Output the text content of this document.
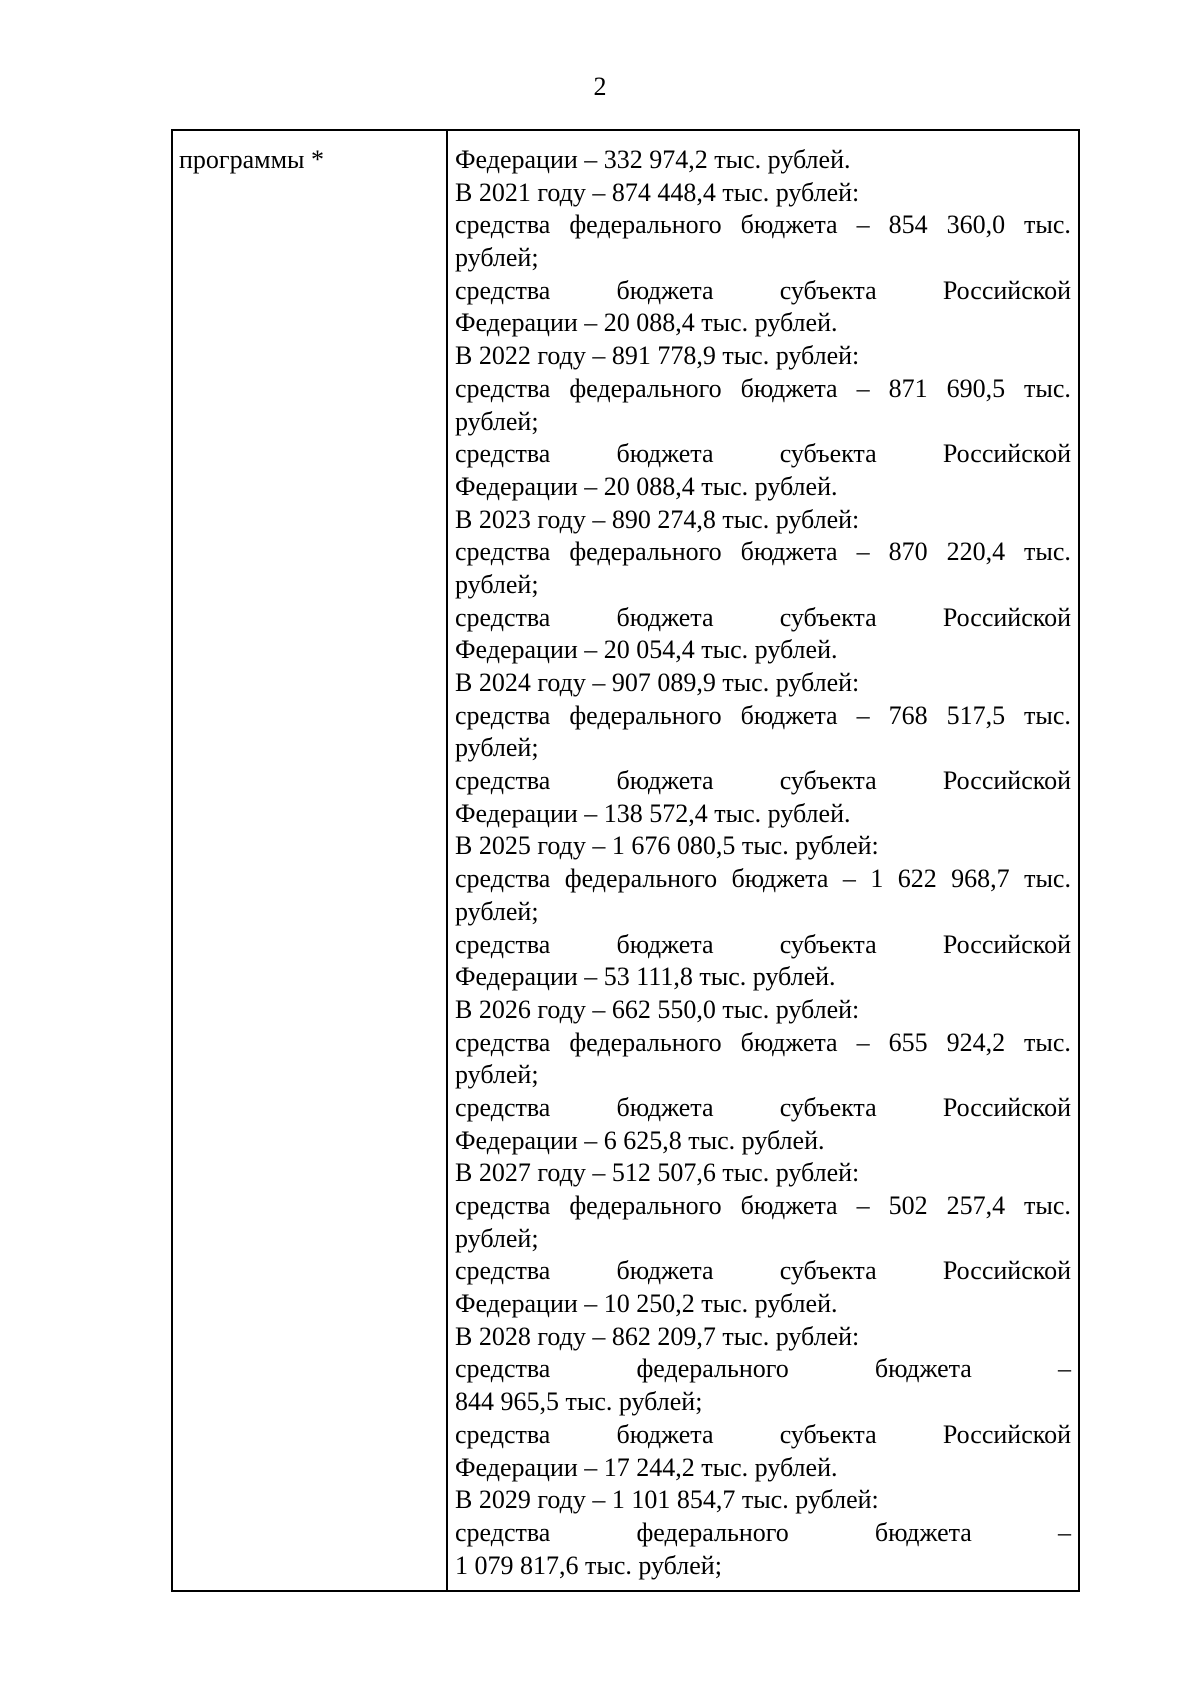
2
программы *	Федерации – 332 974,2 тыс. рублей.
В 2021 году – 874 448,4 тыс. рублей:
средства федерального бюджета – 854 360,0 тыс.
рублей;
средства	бюджета	субъекта	Российской
Федерации – 20 088,4 тыс. рублей.
В 2022 году – 891 778,9 тыс. рублей:
средства федерального бюджета – 871 690,5 тыс.
рублей;
средства	бюджета	субъекта	Российской
Федерации – 20 088,4 тыс. рублей.
В 2023 году – 890 274,8 тыс. рублей:
средства федерального бюджета – 870 220,4 тыс.
рублей;
средства	бюджета	субъекта	Российской
Федерации – 20 054,4 тыс. рублей.
В 2024 году – 907 089,9 тыс. рублей:
средства федерального бюджета – 768 517,5 тыс.
рублей;
средства	бюджета	субъекта	Российской
Федерации – 138 572,4 тыс. рублей.
В 2025 году – 1 676 080,5 тыс. рублей:
средства федерального бюджета – 1 622 968,7 тыс.
рублей;
средства	бюджета	субъекта	Российской
Федерации – 53 111,8 тыс. рублей.
В 2026 году – 662 550,0 тыс. рублей:
средства федерального бюджета – 655 924,2 тыс.
рублей;
средства	бюджета	субъекта	Российской
Федерации – 6 625,8 тыс. рублей.
В 2027 году – 512 507,6 тыс. рублей:
средства федерального бюджета – 502 257,4 тыс.
рублей;
средства	бюджета	субъекта	Российской
Федерации – 10 250,2 тыс. рублей.
В 2028 году – 862 209,7 тыс. рублей:
средства	федерального	бюджета	–
844 965,5 тыс. рублей;
средства	бюджета	субъекта	Российской
Федерации – 17 244,2 тыс. рублей.
В 2029 году – 1 101 854,7 тыс. рублей:
средства	федерального	бюджета	–
1 079 817,6 тыс. рублей;
